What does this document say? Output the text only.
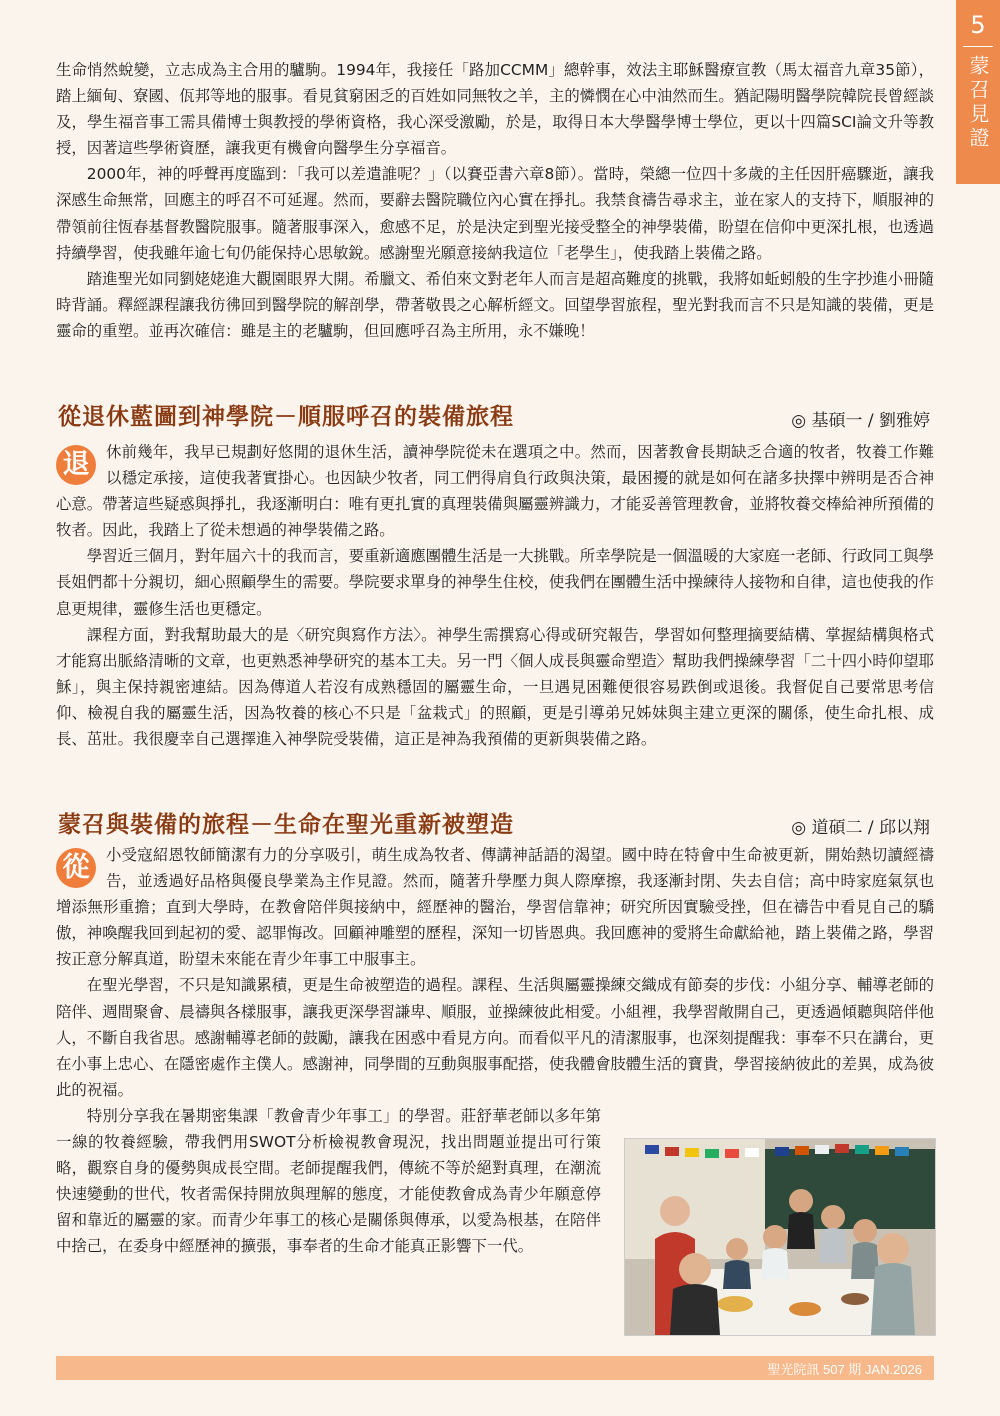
5
蒙召見證

生命悄然蛻變，立志成為主合用的驢駒。1994年，我接任「路加CCMM」總幹事，效法主耶穌醫療宣教（馬太福音九章35節），踏上緬甸、寮國、佤邦等地的服事。看見貧窮困乏的百姓如同無牧之羊，主的憐憫在心中油然而生。猶記陽明醫學院韓院長曾經談及，學生福音事工需具備博士與教授的學術資格，我心深受激勵，於是，取得日本大學醫學博士學位，更以十四篇SCI論文升等教授，因著這些學術資歷，讓我更有機會向醫學生分享福音。

2000年，神的呼聲再度臨到：「我可以差遣誰呢？」（以賽亞書六章8節）。當時，榮總一位四十多歲的主任因肝癌驟逝，讓我深感生命無常，回應主的呼召不可延遲。然而，要辭去醫院職位內心實在掙扎。我禁食禱告尋求主，並在家人的支持下，順服神的帶領前往恆春基督教醫院服事。隨著服事深入，愈感不足，於是決定到聖光接受整全的神學裝備，盼望在信仰中更深扎根，也透過持續學習，使我雖年逾七旬仍能保持心思敏銳。感謝聖光願意接納我這位「老學生」，使我踏上裝備之路。

踏進聖光如同劉姥姥進大觀園眼界大開。希臘文、希伯來文對老年人而言是超高難度的挑戰，我將如蚯蚓般的生字抄進小冊隨時背誦。釋經課程讓我彷彿回到醫學院的解剖學，帶著敬畏之心解析經文。回望學習旅程，聖光對我而言不只是知識的裝備，更是靈命的重塑。並再次確信：雖是主的老驢駒，但回應呼召為主所用，永不嫌晚！

從退休藍圖到神學院－順服呼召的裝備旅程	◎ 基碩一 / 劉雅婷

退	休前幾年，我早已規劃好悠閒的退休生活，讀神學院從未在選項之中。然而，因著教會長期缺乏合適的牧者，牧養工作難以穩定承接，這使我著實掛心。也因缺少牧者，同工們得肩負行政與決策，最困擾的就是如何在諸多抉擇中辨明是否合神心意。帶著這些疑惑與掙扎，我逐漸明白：唯有更扎實的真理裝備與屬靈辨識力，才能妥善管理教會，並將牧養交棒給神所預備的牧者。因此，我踏上了從未想過的神學裝備之路。

學習近三個月，對年屆六十的我而言，要重新適應團體生活是一大挑戰。所幸學院是一個溫暖的大家庭一老師、行政同工與學長姐們都十分親切，細心照顧學生的需要。學院要求單身的神學生住校，使我們在團體生活中操練待人接物和自律，這也使我的作息更規律，靈修生活也更穩定。

課程方面，對我幫助最大的是〈研究與寫作方法〉。神學生需撰寫心得或研究報告，學習如何整理摘要結構、掌握結構與格式才能寫出脈絡清晰的文章，也更熟悉神學研究的基本工夫。另一門〈個人成長與靈命塑造〉幫助我們操練學習「二十四小時仰望耶穌」，與主保持親密連結。因為傳道人若沒有成熟穩固的屬靈生命，一旦遇見困難便很容易跌倒或退後。我督促自己要常思考信仰、檢視自我的屬靈生活，因為牧養的核心不只是「盆栽式」的照顧，更是引導弟兄姊妹與主建立更深的關係，使生命扎根、成長、茁壯。我很慶幸自己選擇進入神學院受裝備，這正是神為我預備的更新與裝備之路。

蒙召與裝備的旅程－生命在聖光重新被塑造	◎ 道碩二 / 邱以翔

從	小受寇紹恩牧師簡潔有力的分享吸引，萌生成為牧者、傳講神話語的渴望。國中時在特會中生命被更新，開始熱切讀經禱告，並透過好品格與優良學業為主作見證。然而，隨著升學壓力與人際摩擦，我逐漸封閉、失去自信；高中時家庭氣氛也增添無形重擔；直到大學時，在教會陪伴與接納中，經歷神的醫治，學習信靠神；研究所因實驗受挫，但在禱告中看見自己的驕傲，神喚醒我回到起初的愛、認罪悔改。回顧神雕塑的歷程，深知一切皆恩典。我回應神的愛將生命獻給祂，踏上裝備之路，學習按正意分解真道，盼望未來能在青少年事工中服事主。

在聖光學習，不只是知識累積，更是生命被塑造的過程。課程、生活與屬靈操練交織成有節奏的步伐：小組分享、輔導老師的陪伴、週間聚會、晨禱與各樣服事，讓我更深學習謙卑、順服，並操練彼此相愛。小組裡，我學習敞開自己，更透過傾聽與陪伴他人，不斷自我省思。感謝輔導老師的鼓勵，讓我在困惑中看見方向。而看似平凡的清潔服事，也深刻提醒我：事奉不只在講台，更在小事上忠心、在隱密處作主僕人。感謝神，同學間的互動與服事配搭，使我體會肢體生活的寶貴，學習接納彼此的差異，成為彼此的祝福。

特別分享我在暑期密集課「教會青少年事工」的學習。莊舒華老師以多年第一線的牧養經驗，帶我們用SWOT分析檢視教會現況，找出問題並提出可行策略，觀察自身的優勢與成長空間。老師提醒我們，傳統不等於絕對真理，在潮流快速變動的世代，牧者需保持開放與理解的態度，才能使教會成為青少年願意停留和靠近的屬靈的家。而青少年事工的核心是關係與傳承，以愛為根基，在陪伴中捨己，在委身中經歷神的擴張，事奉者的生命才能真正影響下一代。

聖光院訊 507 期 JAN.2026
